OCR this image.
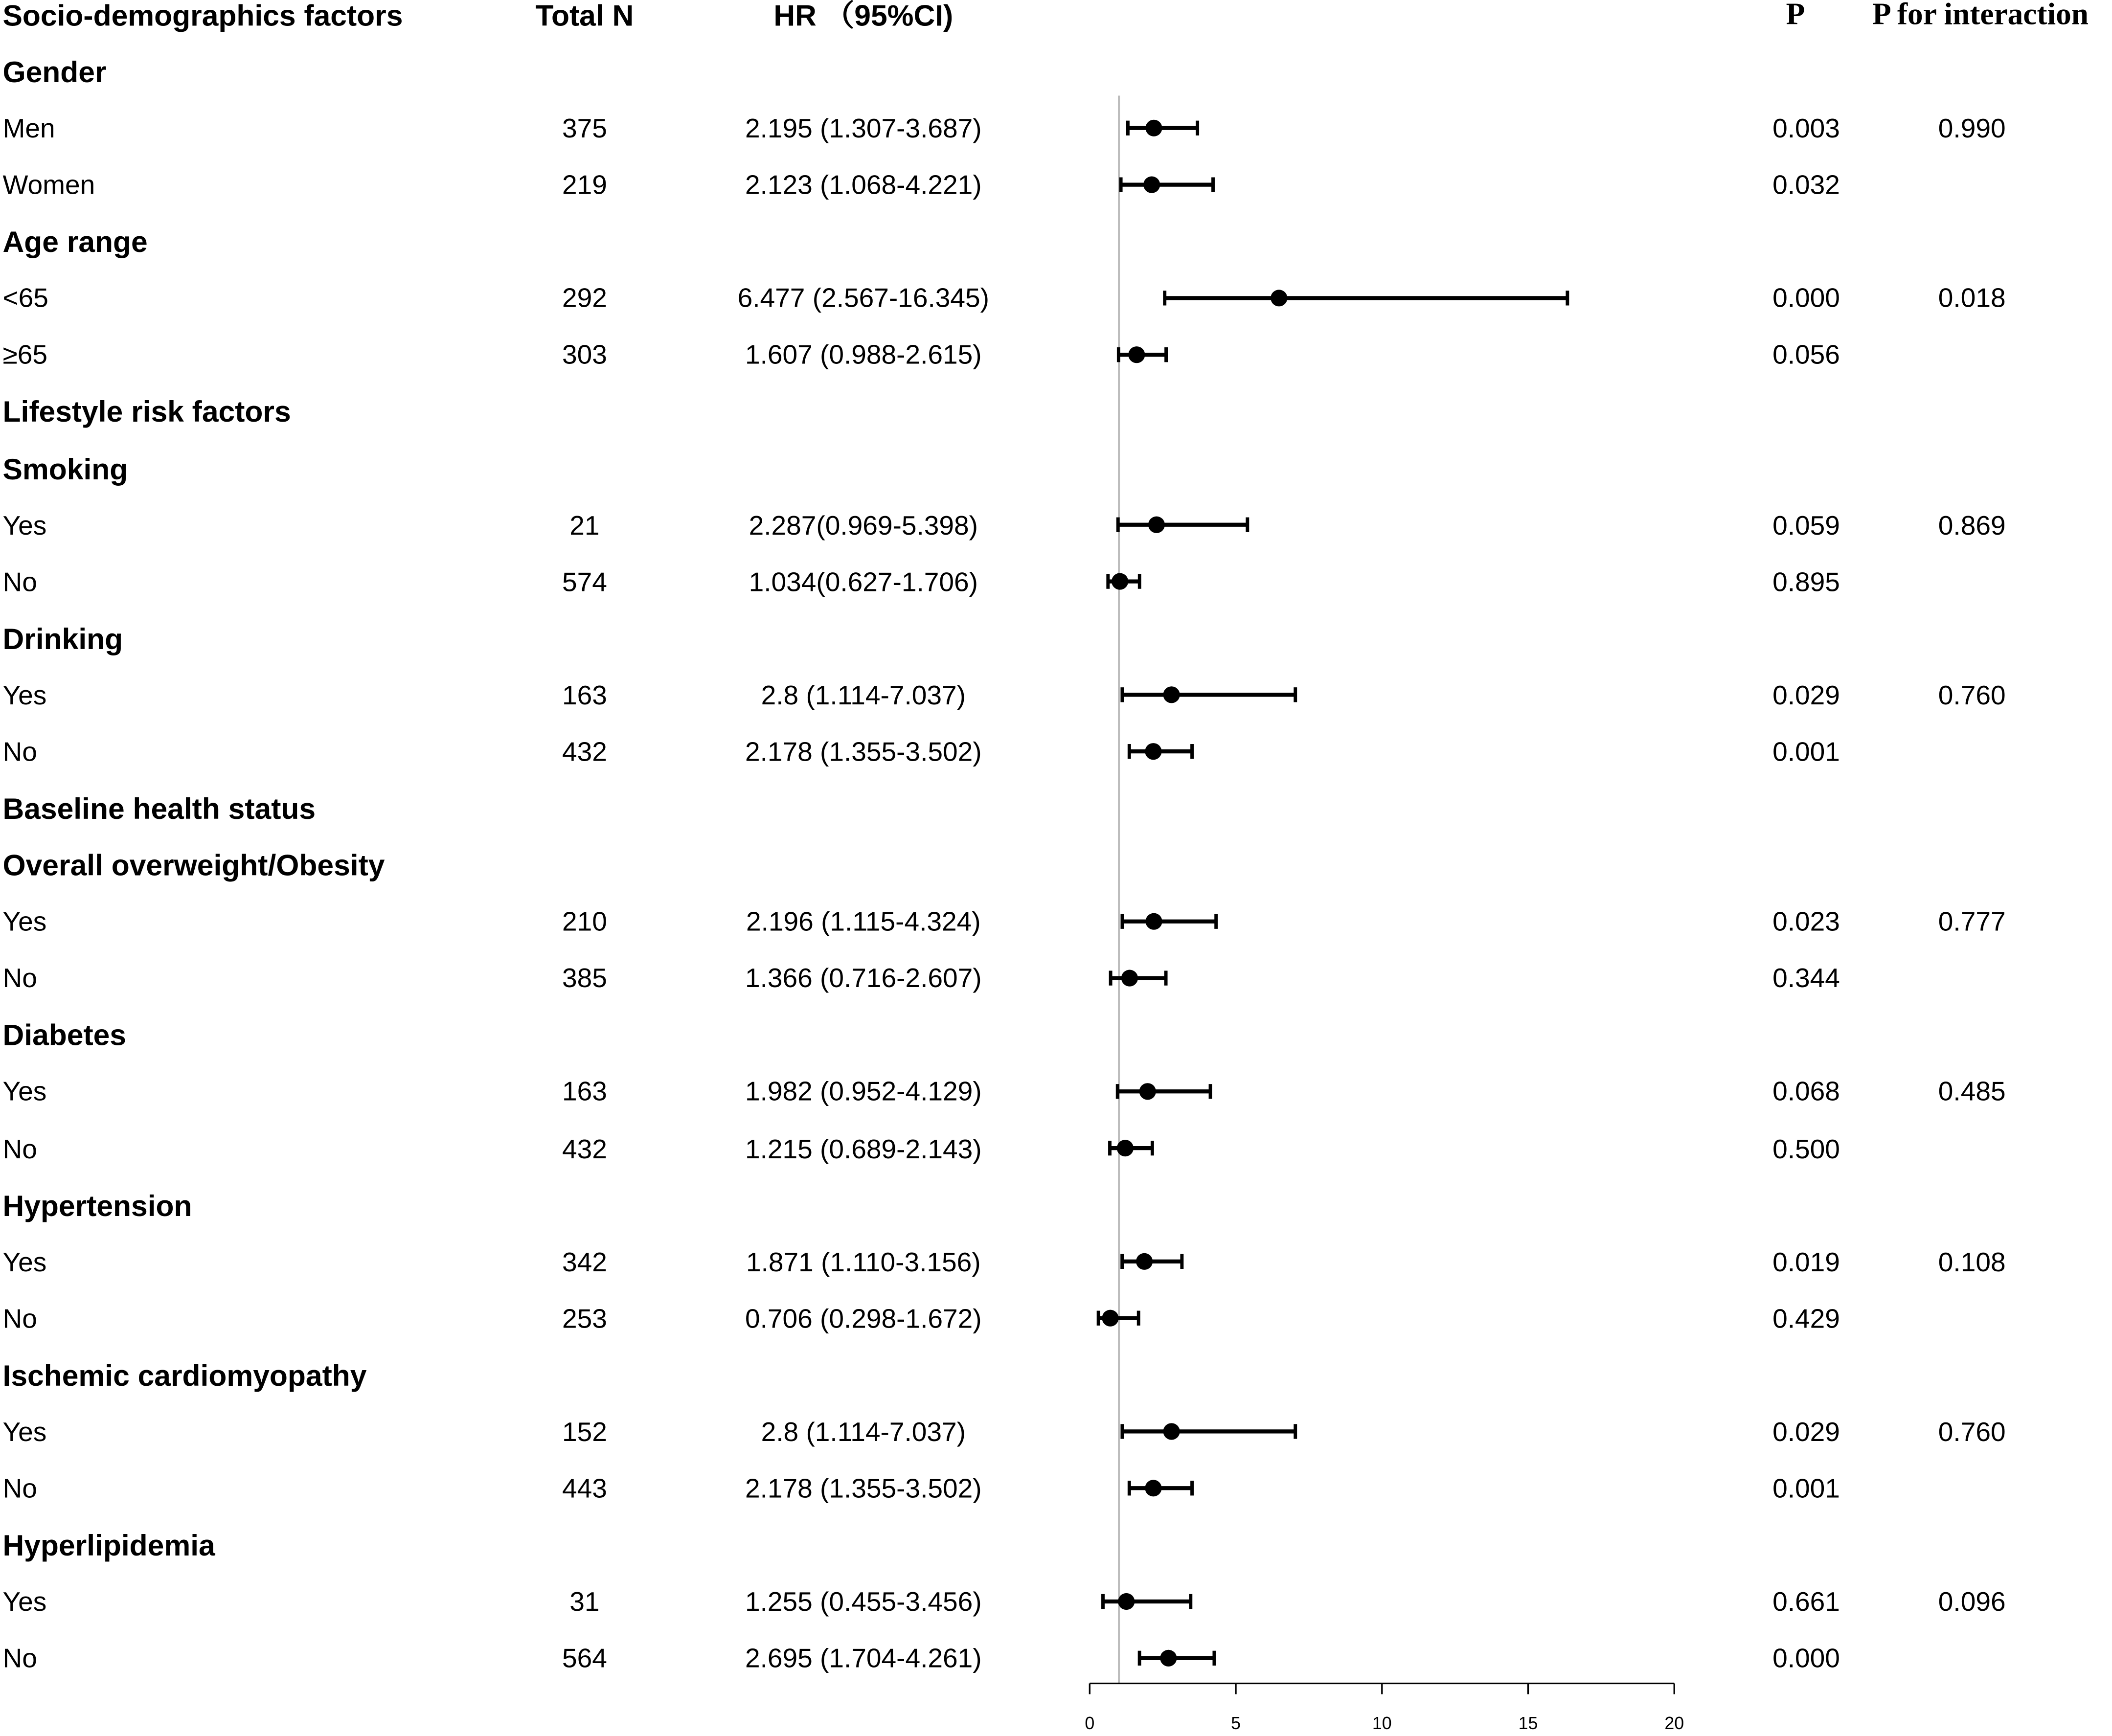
Socio-demographics factors	Total N	HR （95%CI)	P	P for interaction
Gender
Men	375	2.195 (1.307-3.687)	0.003	0.990
Women	219	2.123 (1.068-4.221)	0.032
Age range
<65	292	6.477 (2.567-16.345)	0.000	0.018
≥65	303	1.607 (0.988-2.615)	0.056
Lifestyle risk factors
Smoking
Yes	21	2.287(0.969-5.398)	0.059	0.869
No	574	1.034(0.627-1.706)	0.895
Drinking
Yes	163	2.8 (1.114-7.037)	0.029	0.760
No	432	2.178 (1.355-3.502)	0.001
Baseline health status
Overall overweight/Obesity
Yes	210	2.196 (1.115-4.324)	0.023	0.777
No	385	1.366 (0.716-2.607)	0.344
Diabetes
Yes	163	1.982 (0.952-4.129)	0.068	0.485
No	432	1.215 (0.689-2.143)	0.500
Hypertension
Yes	342	1.871 (1.110-3.156)	0.019	0.108
No	253	0.706 (0.298-1.672)	0.429
Ischemic cardiomyopathy
Yes	152	2.8 (1.114-7.037)	0.029	0.760
No	443	2.178 (1.355-3.502)	0.001
Hyperlipidemia
Yes	31	1.255 (0.455-3.456)	0.661	0.096
No	564	2.695 (1.704-4.261)	0.000
0	5	10	15	20
